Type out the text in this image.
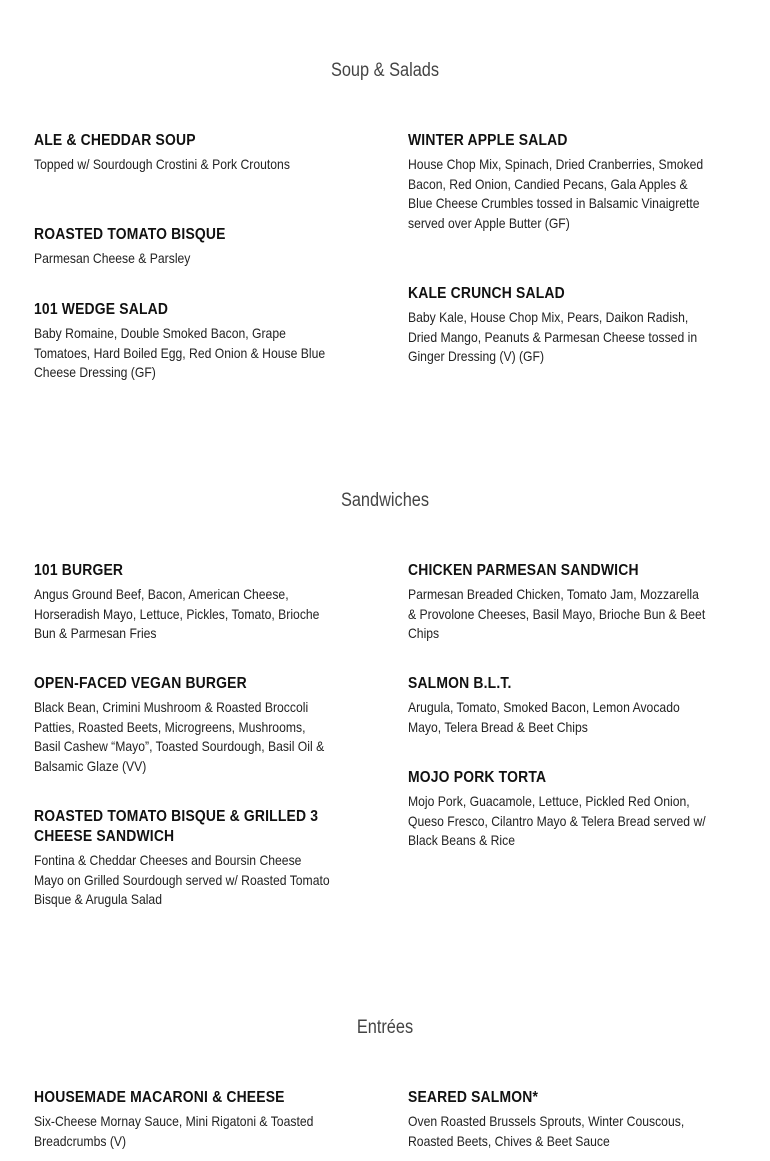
Soup & Salads
ALE & CHEDDAR SOUP
Topped w/ Sourdough Crostini & Pork Croutons
ROASTED TOMATO BISQUE
Parmesan Cheese & Parsley
101 WEDGE SALAD
Baby Romaine, Double Smoked Bacon, Grape Tomatoes, Hard Boiled Egg, Red Onion & House Blue Cheese Dressing (GF)
WINTER APPLE SALAD
House Chop Mix, Spinach, Dried Cranberries, Smoked Bacon, Red Onion, Candied Pecans, Gala Apples & Blue Cheese Crumbles tossed in Balsamic Vinaigrette served over Apple Butter (GF)
KALE CRUNCH SALAD
Baby Kale, House Chop Mix, Pears, Daikon Radish, Dried Mango, Peanuts & Parmesan Cheese tossed in Ginger Dressing (V) (GF)
Sandwiches
101 BURGER
Angus Ground Beef, Bacon, American Cheese, Horseradish Mayo, Lettuce, Pickles, Tomato, Brioche Bun & Parmesan Fries
OPEN-FACED VEGAN BURGER
Black Bean, Crimini Mushroom & Roasted Broccoli Patties, Roasted Beets, Microgreens, Mushrooms, Basil Cashew “Mayo”, Toasted Sourdough, Basil Oil & Balsamic Glaze (VV)
ROASTED TOMATO BISQUE & GRILLED 3 CHEESE SANDWICH
Fontina & Cheddar Cheeses and Boursin Cheese Mayo on Grilled Sourdough served w/ Roasted Tomato Bisque & Arugula Salad
CHICKEN PARMESAN SANDWICH
Parmesan Breaded Chicken, Tomato Jam, Mozzarella & Provolone Cheeses, Basil Mayo, Brioche Bun & Beet Chips
SALMON B.L.T.
Arugula, Tomato, Smoked Bacon, Lemon Avocado Mayo, Telera Bread & Beet Chips
MOJO PORK TORTA
Mojo Pork, Guacamole, Lettuce, Pickled Red Onion, Queso Fresco, Cilantro Mayo & Telera Bread served w/ Black Beans & Rice
Entrées
HOUSEMADE MACARONI & CHEESE
Six-Cheese Mornay Sauce, Mini Rigatoni & Toasted Breadcrumbs (V)
SEARED SALMON*
Oven Roasted Brussels Sprouts, Winter Couscous, Roasted Beets, Chives & Beet Sauce
